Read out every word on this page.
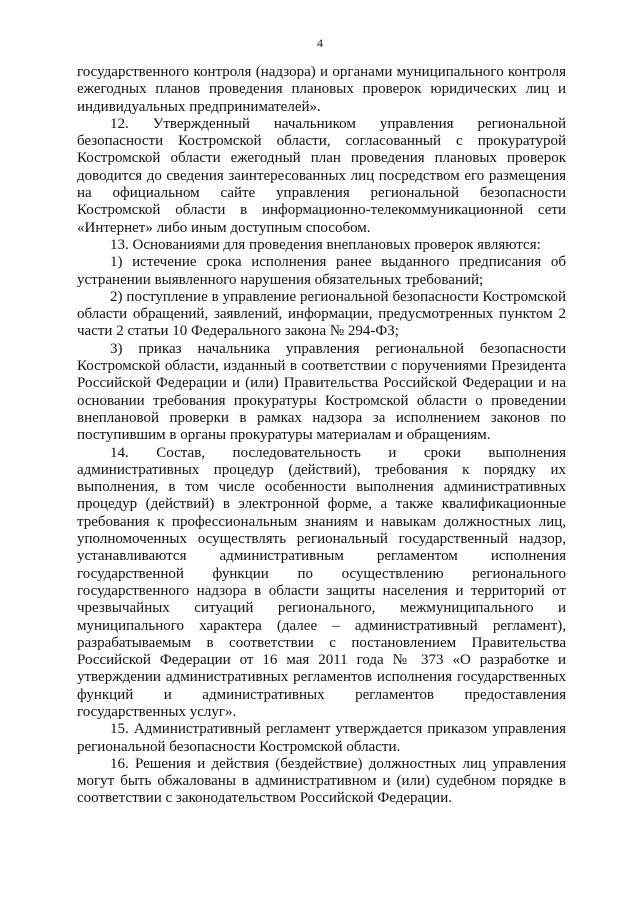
4

государственного контроля (надзора) и органами муниципального контроля ежегодных планов проведения плановых проверок юридических лиц и индивидуальных предпринимателей».

12. Утвержденный начальником управления региональной безопасности Костромской области, согласованный с прокуратурой Костромской области ежегодный план проведения плановых проверок доводится до сведения заинтересованных лиц посредством его размещения на официальном сайте управления региональной безопасности Костромской области в информационно-телекоммуникационной сети «Интернет» либо иным доступным способом.

13. Основаниями для проведения внеплановых проверок являются:

1) истечение срока исполнения ранее выданного предписания об устранении выявленного нарушения обязательных требований;

2) поступление в управление региональной безопасности Костромской области обращений, заявлений, информации, предусмотренных пунктом 2 части 2 статьи 10 Федерального закона № 294-ФЗ;

3) приказ начальника управления региональной безопасности Костромской области, изданный в соответствии с поручениями Президента Российской Федерации и (или) Правительства Российской Федерации и на основании требования прокуратуры Костромской области о проведении внеплановой проверки в рамках надзора за исполнением законов по поступившим в органы прокуратуры материалам и обращениям.

14. Состав, последовательность и сроки выполнения административных процедур (действий), требования к порядку их выполнения, в том числе особенности выполнения административных процедур (действий) в электронной форме, а также квалификационные требования к профессиональным знаниям и навыкам должностных лиц, уполномоченных осуществлять региональный государственный надзор, устанавливаются административным регламентом исполнения государственной функции по осуществлению регионального государственного надзора в области защиты населения и территорий от чрезвычайных ситуаций регионального, межмуниципального и муниципального характера (далее – административный регламент), разрабатываемым в соответствии с постановлением Правительства Российской Федерации от 16 мая 2011 года № 373 «О разработке и утверждении административных регламентов исполнения государственных функций и административных регламентов предоставления государственных услуг».

15. Административный регламент утверждается приказом управления региональной безопасности Костромской области.

16. Решения и действия (бездействие) должностных лиц управления могут быть обжалованы в административном и (или) судебном порядке в соответствии с законодательством Российской Федерации.
